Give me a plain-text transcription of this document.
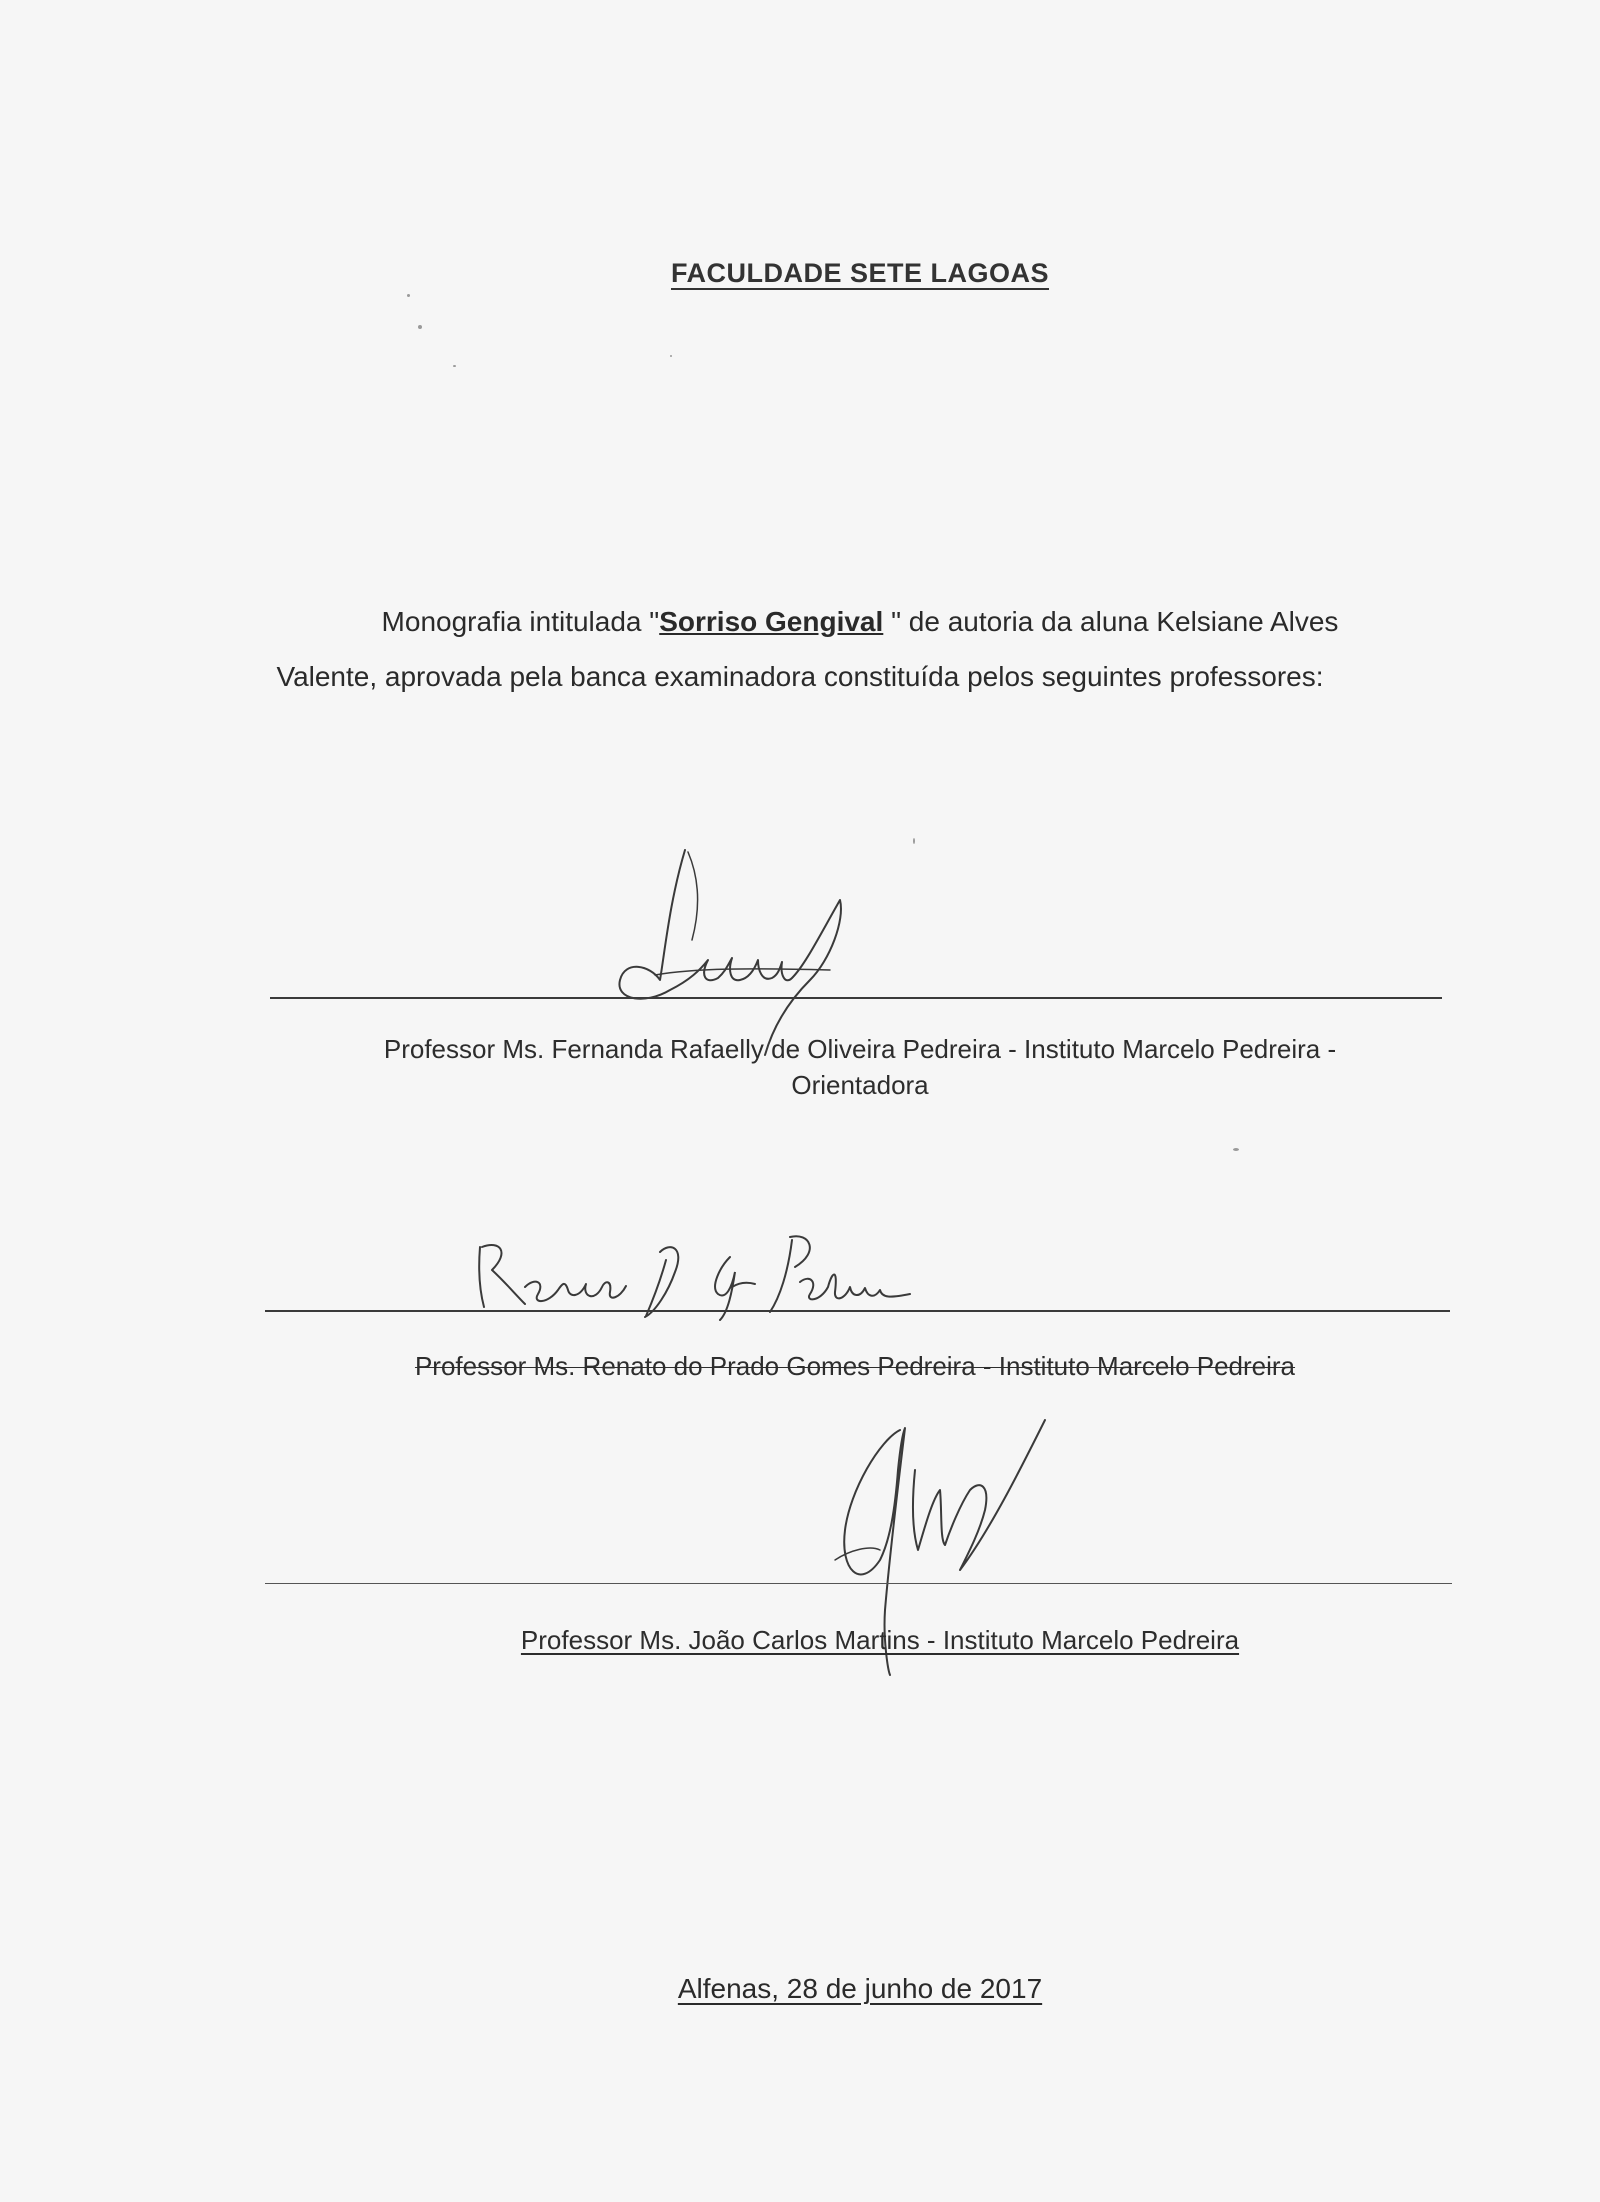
FACULDADE SETE LAGOAS
Monografia intitulada "Sorriso Gengival " de autoria da aluna Kelsiane Alves
Valente, aprovada pela banca examinadora constituída pelos seguintes professores:
Professor Ms. Fernanda Rafaelly de Oliveira Pedreira - Instituto Marcelo Pedreira -
Orientadora
Professor Ms. Renato do Prado Gomes Pedreira - Instituto Marcelo Pedreira
Professor Ms. João Carlos Martins - Instituto Marcelo Pedreira
Alfenas, 28 de junho de 2017
